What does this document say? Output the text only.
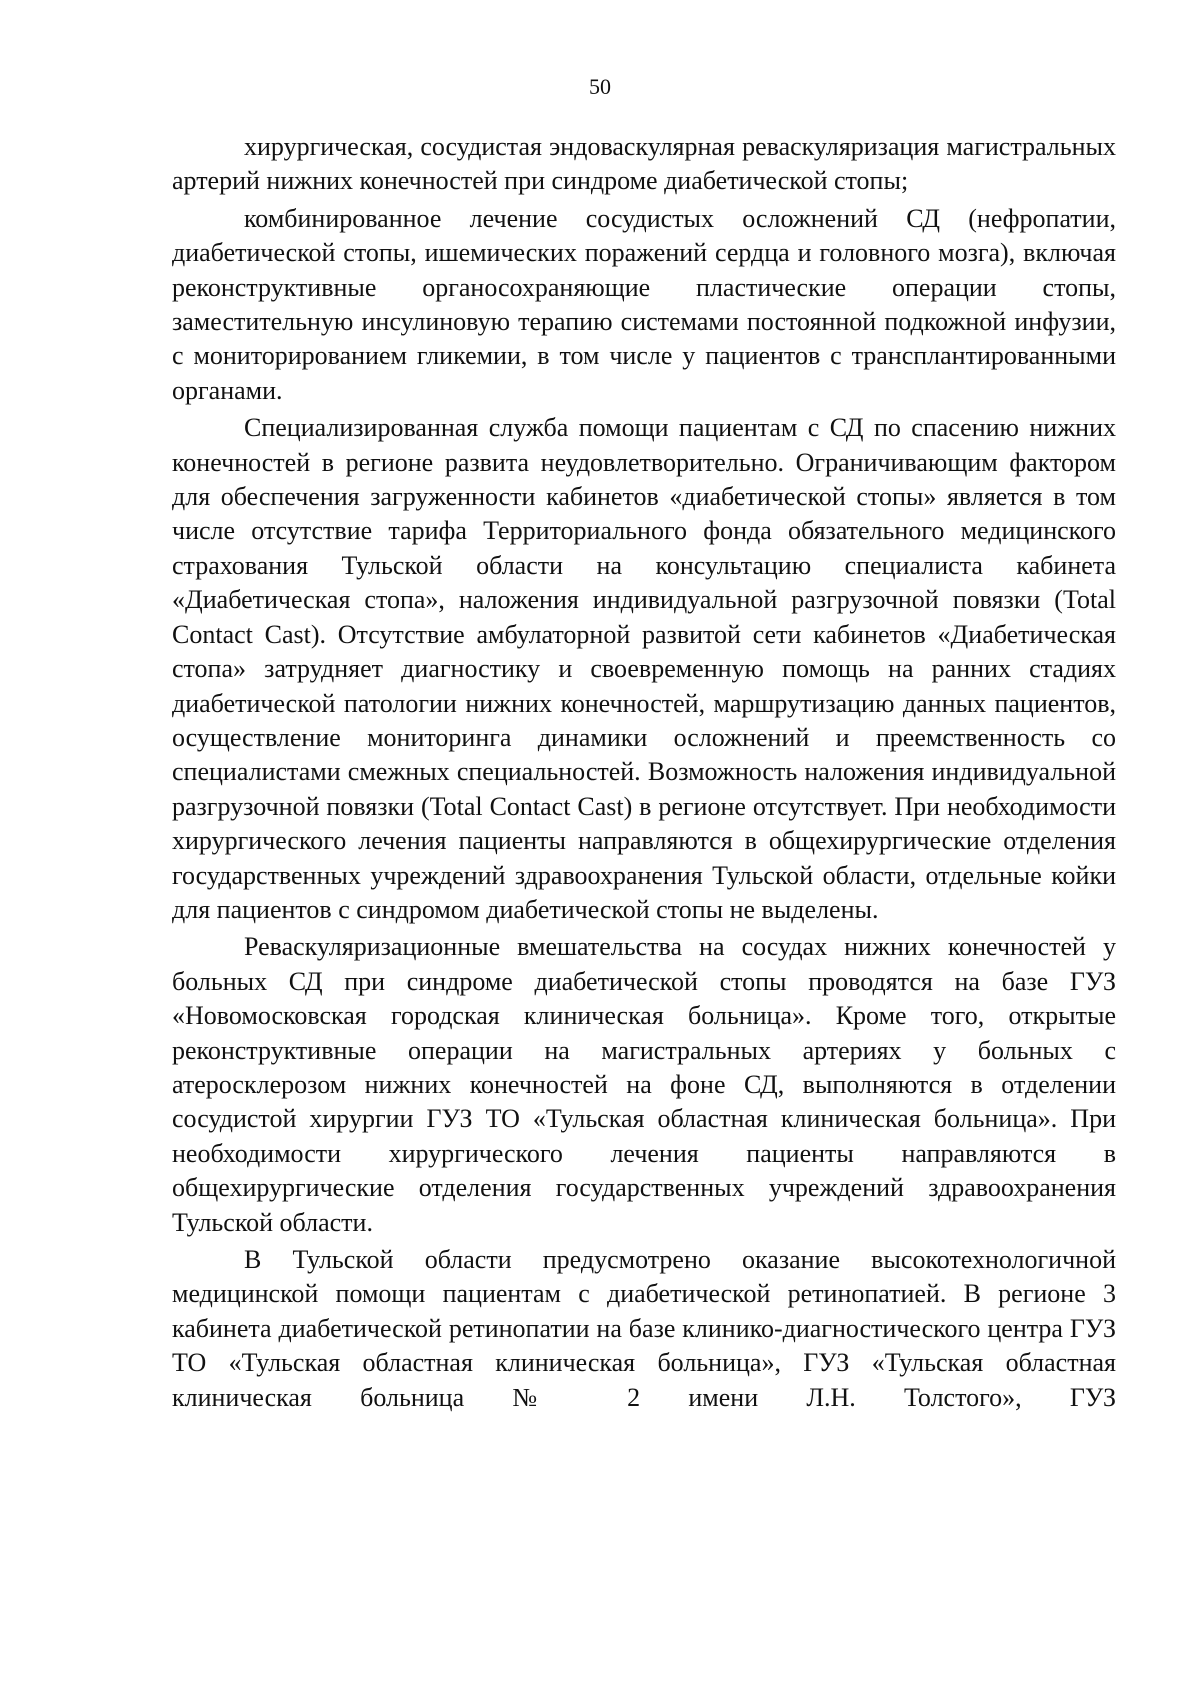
50

хирургическая, сосудистая эндоваскулярная реваскуляризация магистральных артерий нижних конечностей при синдроме диабетической стопы;

комбинированное лечение сосудистых осложнений СД (нефропатии, диабетической стопы, ишемических поражений сердца и головного мозга), включая реконструктивные органосохраняющие пластические операции стопы, заместительную инсулиновую терапию системами постоянной подкожной инфузии, с мониторированием гликемии, в том числе у пациентов с трансплантированными органами.

Специализированная служба помощи пациентам с СД по спасению нижних конечностей в регионе развита неудовлетворительно. Ограничивающим фактором для обеспечения загруженности кабинетов «диабетической стопы» является в том числе отсутствие тарифа Территориального фонда обязательного медицинского страхования Тульской области на консультацию специалиста кабинета «Диабетическая стопа», наложения индивидуальной разгрузочной повязки (Total Contact Cast). Отсутствие амбулаторной развитой сети кабинетов «Диабетическая стопа» затрудняет диагностику и своевременную помощь на ранних стадиях диабетической патологии нижних конечностей, маршрутизацию данных пациентов, осуществление мониторинга динамики осложнений и преемственность со специалистами смежных специальностей. Возможность наложения индивидуальной разгрузочной повязки (Total Contact Cast) в регионе отсутствует. При необходимости хирургического лечения пациенты направляются в общехирургические отделения государственных учреждений здравоохранения Тульской области, отдельные койки для пациентов с синдромом диабетической стопы не выделены.

Реваскуляризационные вмешательства на сосудах нижних конечностей у больных СД при синдроме диабетической стопы проводятся на базе ГУЗ «Новомосковская городская клиническая больница». Кроме того, открытые реконструктивные операции на магистральных артериях у больных с атеросклерозом нижних конечностей на фоне СД, выполняются в отделении сосудистой хирургии ГУЗ ТО «Тульская областная клиническая больница». При необходимости хирургического лечения пациенты направляются в общехирургические отделения государственных учреждений здравоохранения Тульской области.

В Тульской области предусмотрено оказание высокотехнологичной медицинской помощи пациентам с диабетической ретинопатией. В регионе 3 кабинета диабетической ретинопатии на базе клинико-диагностического центра ГУЗ ТО «Тульская областная клиническая больница», ГУЗ «Тульская областная клиническая больница № 2 имени Л.Н. Толстого», ГУЗ
